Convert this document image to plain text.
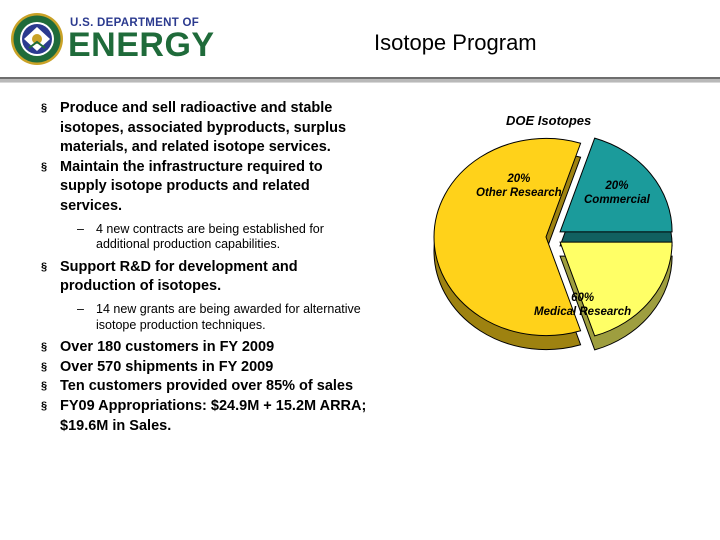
U.S. DEPARTMENT OF
ENERGY	Isotope Program
§ Produce and sell radioactive and stable isotopes, associated byproducts, surplus materials, and related isotope services.
§ Maintain the infrastructure required to supply isotope products and related services.
– 4 new contracts are being established for additional production capabilities.
§ Support R&D for development and production of isotopes.
– 14 new grants are being awarded for alternative isotope production techniques.
§ Over 180 customers in FY 2009
§ Over 570 shipments in FY 2009
§ Ten customers provided over 85% of sales
§ FY09 Appropriations: $24.9M + 15.2M ARRA; $19.6M in Sales.
DOE Isotopes
20%
Other Research
20%
Commercial
60%
Medical Research
